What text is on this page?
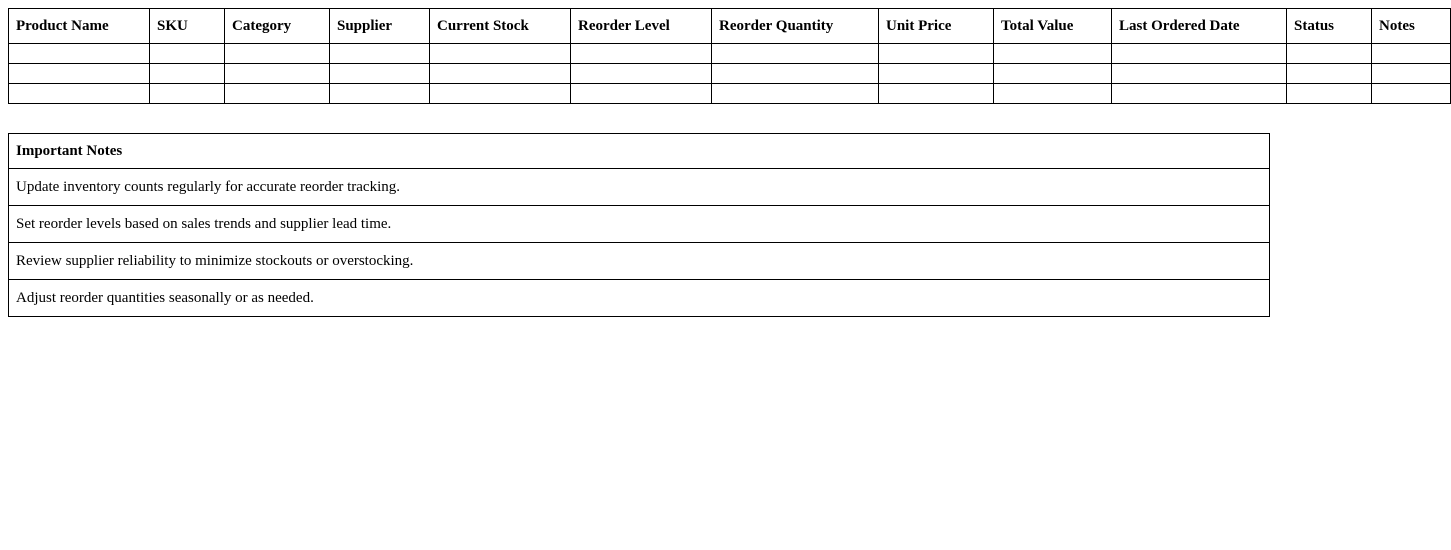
Product Name	SKU	Category	Supplier	Current Stock	Reorder Level	Reorder Quantity	Unit Price	Total Value	Last Ordered Date	Status	Notes

Important Notes
Update inventory counts regularly for accurate reorder tracking.
Set reorder levels based on sales trends and supplier lead time.
Review supplier reliability to minimize stockouts or overstocking.
Adjust reorder quantities seasonally or as needed.
